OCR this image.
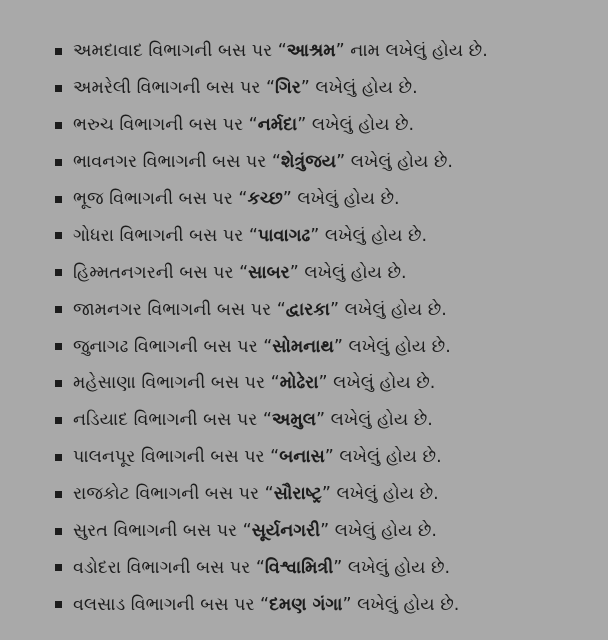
અમદાવાદ વિભાગની બસ પર “આશ્રમ” નામ લખેલું હોય છે.
અમરેલી વિભાગની બસ પર “ગિર” લખેલું હોય છે.
ભરુચ વિભાગની બસ પર “નર્મદા” લખેલું હોય છે.
ભાવનગર વિભાગની બસ પર “શેત્રુંજય” લખેલું હોય છે.
ભૂજ વિભાગની બસ પર “કચ્છ” લખેલું હોય છે.
ગોધરા વિભાગની બસ પર “પાવાગઢ” લખેલું હોય છે.
હિમ્મતનગરની બસ પર “સાબર” લખેલું હોય છે.
જામનગર વિભાગની બસ પર “દ્વારકા” લખેલું હોય છે.
જુનાગઢ વિભાગની બસ પર “સોમનાથ” લખેલું હોય છે.
મહેસાણા વિભાગની બસ પર “મોઢેરા” લખેલું હોય છે.
નડિયાદ વિભાગની બસ પર “અમુલ” લખેલું હોય છે.
પાલનપૂર વિભાગની બસ પર “બનાસ” લખેલું હોય છે.
રાજકોટ વિભાગની બસ પર “સૌરાષ્ટ્ર” લખેલું હોય છે.
સુરત વિભાગની બસ પર “સૂર્યનગરી” લખેલું હોય છે.
વડોદરા વિભાગની બસ પર “વિશ્વામિત્રી” લખેલું હોય છે.
વલસાડ વિભાગની બસ પર “દમણ ગંગા” લખેલું હોય છે.
